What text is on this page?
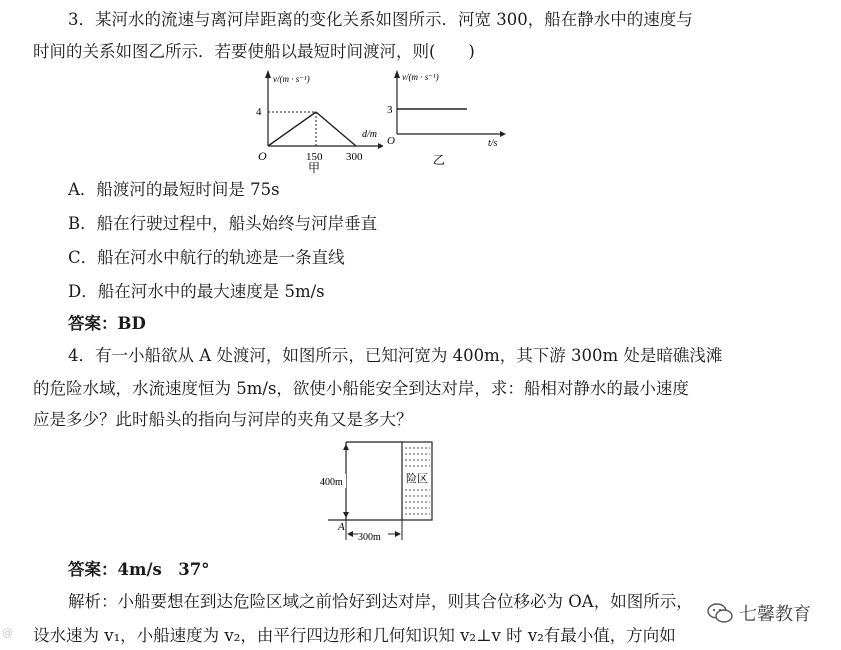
3．某河水的流速与离河岸距离的变化关系如图所示．河宽 300，船在静水中的速度与
时间的关系如图乙所示．若要使船以最短时间渡河，则(　　)
v/(m · s⁻¹)
4
d/m
O	150 300
甲
v/(m · s⁻¹)
3
O	t/s
乙
A．船渡河的最短时间是 75s
B．船在行驶过程中，船头始终与河岸垂直
C．船在河水中航行的轨迹是一条直线
D．船在河水中的最大速度是 5m/s
答案：BD
4．有一小船欲从 A 处渡河，如图所示，已知河宽为 400m，其下游 300m 处是暗礁浅滩
的危险水域，水流速度恒为 5m/s，欲使小船能安全到达对岸，求：船相对静水的最小速度
应是多少？此时船头的指向与河岸的夹角又是多大？
险区
400m
A
300m
答案：4m/s　37°
解析：小船要想在到达危险区域之前恰好到达对岸，则其合位移必为 OA，如图所示，
设水速为 v₁，小船速度为 v₂，由平行四边形和几何知识知 v₂⊥v 时 v₂有最小值，方向如
七馨教育
@
